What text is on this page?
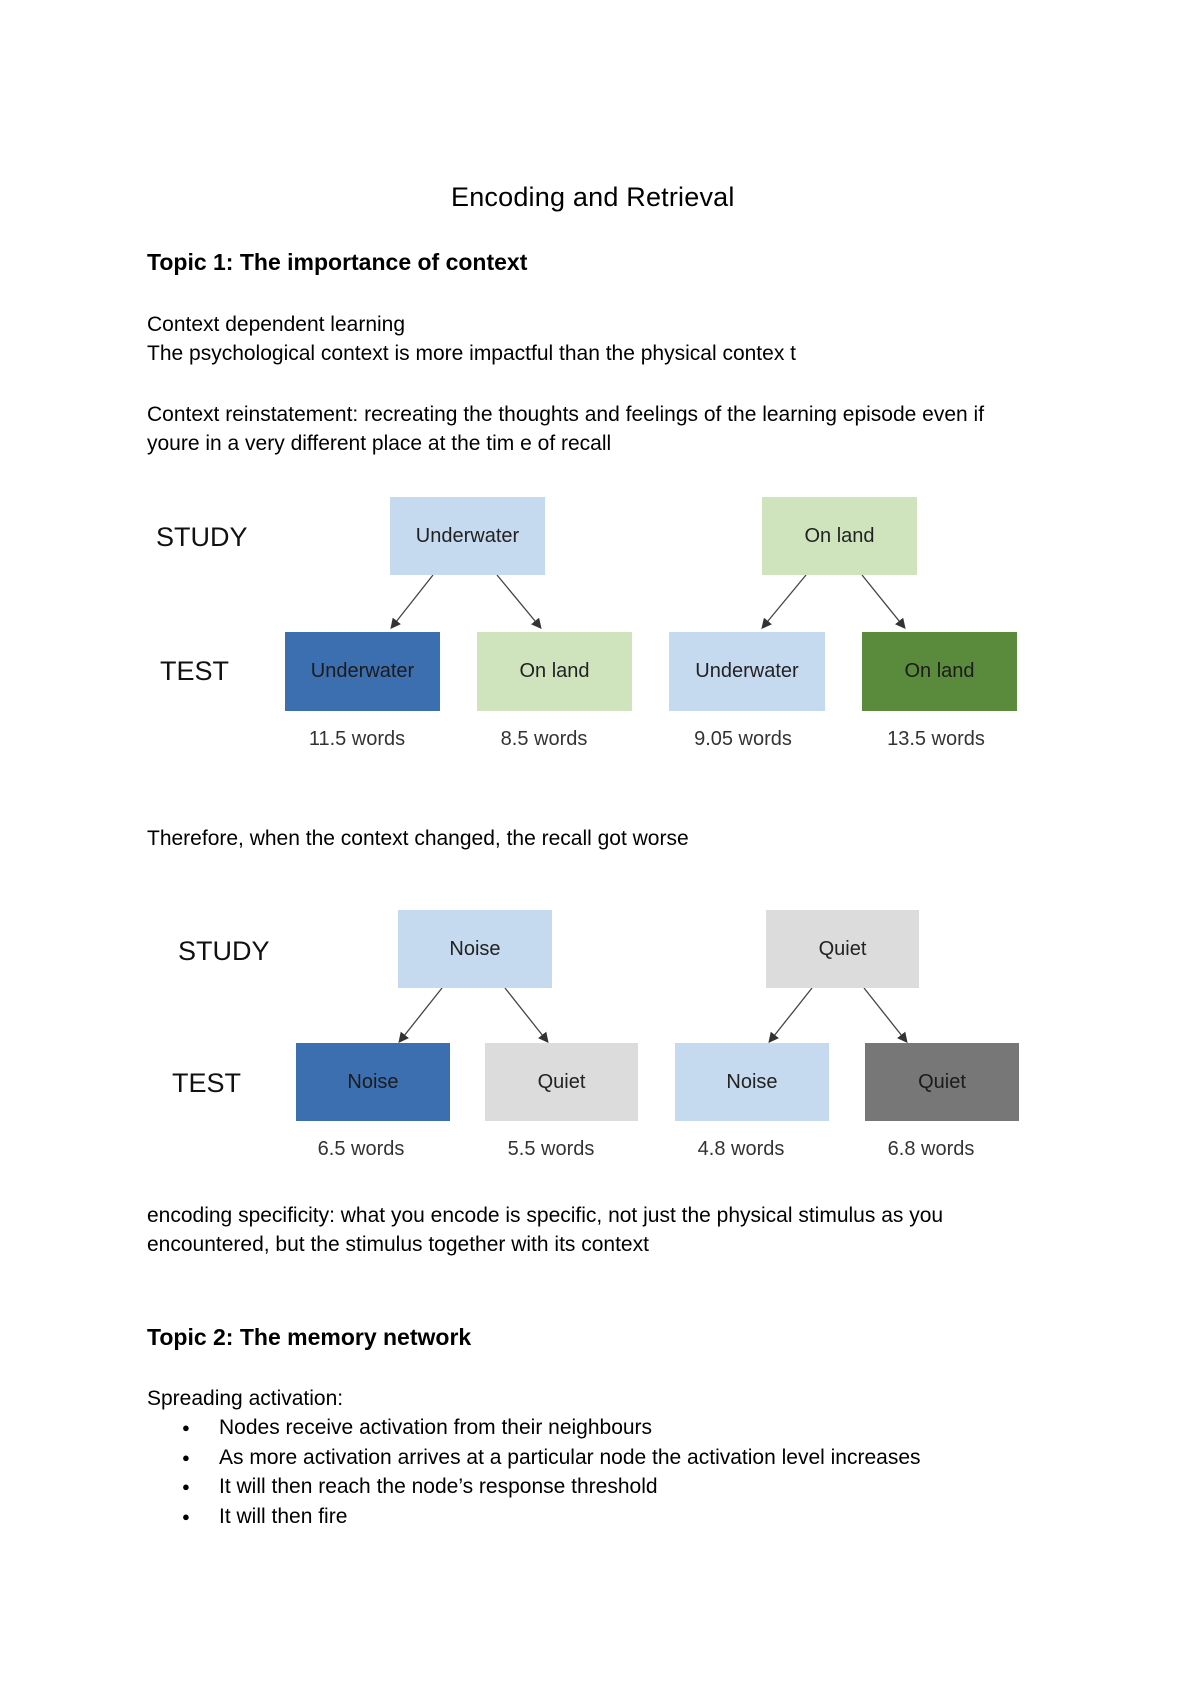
Encoding and Retrieval
Topic 1: The importance of context
Context dependent learning
The psychological context is more impactful than the physical contex t
Context reinstatement: recreating the thoughts and feelings of the learning episode even if
youre in a very different place at the tim e of recall
STUDY
TEST
Underwater	On land
Underwater	On land	Underwater	On land
11.5 words	8.5 words	9.05 words	13.5 words
Therefore, when the context changed, the recall got worse
STUDY
TEST
Noise	Quiet
Noise	Quiet	Noise	Quiet
6.5 words	5.5 words	4.8 words	6.8 words
encoding specificity: what you encode is specific, not just the physical stimulus as you
encountered, but the stimulus together with its context
Topic 2: The memory network
Spreading activation:
● Nodes receive activation from their neighbours
● As more activation arrives at a particular node the activation level increases
● It will then reach the node’s response threshold
● It will then fire
